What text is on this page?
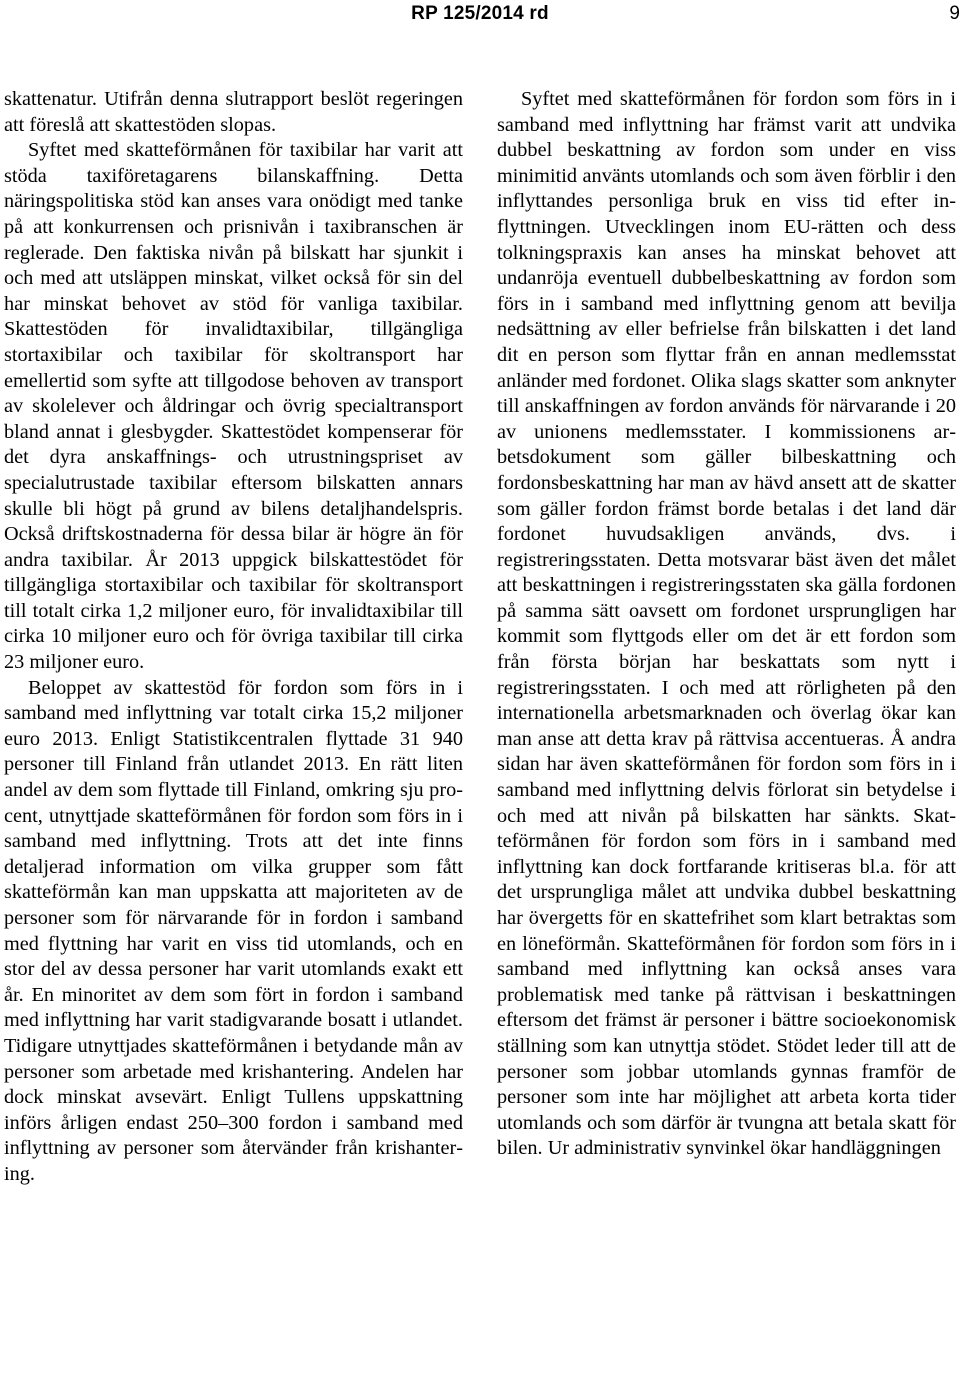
RP 125/2014 rd	9

skattenatur. Utifrån denna slutrapport beslöt regeringen att föreslå att skattestöden slopas.

Syftet med skatteförmånen för taxibilar har varit att stöda taxiföretagarens bilanskaffning. Detta näringspolitiska stöd kan anses vara onödigt med tanke på att konkurrensen och prisnivån i taxibranschen är reglerade. Den faktiska nivån på bilskatt har sjunkit i och med att utsläppen minskat, vilket också för sin del har minskat behovet av stöd för vanliga taxibilar. Skattestöden för invalidtaxibilar, tillgängliga stortaxibilar och taxibilar för skoltransport har emellertid som syfte att tillgodose behoven av transport av skolelever och åldringar och övrig specialtransport bland annat i glesbygder. Skattestödet kompenserar för det dyra anskaffnings- och utrustningspriset av specialutrustade taxibilar eftersom bilskatten annars skulle bli högt på grund av bilens detaljhandelspris. Också driftskostnaderna för dessa bilar är högre än för andra taxibilar. År 2013 uppgick bilskattestödet för tillgängliga stortaxibilar och taxibilar för skoltransport till totalt cirka 1,2 miljoner euro, för invalidtaxibilar till cirka 10 miljoner euro och för övriga taxibilar till cirka 23 miljoner euro.

Beloppet av skattestöd för fordon som förs in i samband med inflyttning var totalt cirka 15,2 miljoner euro 2013. Enligt Statistikcentralen flyttade 31 940 personer till Finland från utlandet 2013. En rätt liten andel av dem som flyttade till Finland, omkring sju procent, utnyttjade skatteförmånen för fordon som förs in i samband med inflyttning. Trots att det inte finns detaljerad information om vilka grupper som fått skatteförmån kan man uppskatta att majoriteten av de personer som för närvarande för in fordon i samband med flyttning har varit en viss tid utomlands, och en stor del av dessa personer har varit utomlands exakt ett år. En minoritet av dem som fört in fordon i samband med inflyttning har varit stadigvarande bosatt i utlandet. Tidigare utnyttjades skatteförmånen i betydande mån av personer som arbetade med krishantering. Andelen har dock minskat avsevärt. Enligt Tullens uppskattning införs årligen endast 250–300 fordon i samband med inflyttning av personer som återvänder från krishantering.

Syftet med skatteförmånen för fordon som förs in i samband med inflyttning har främst varit att undvika dubbel beskattning av fordon som under en viss minimitid använts utomlands och som även förblir i den inflyttandes personliga bruk en viss tid efter inflyttningen. Utvecklingen inom EU-rätten och dess tolkningspraxis kan anses ha minskat behovet att undanröja eventuell dubbelbeskattning av fordon som förs in i samband med inflyttning genom att bevilja nedsättning av eller befrielse från bilskatten i det land dit en person som flyttar från en annan medlemsstat anländer med fordonet. Olika slags skatter som anknyter till anskaffningen av fordon används för närvarande i 20 av unionens medlemsstater. I kommissionens arbetsdokument som gäller bilbeskattning och fordonsbeskattning har man av hävd ansett att de skatter som gäller fordon främst borde betalas i det land där fordonet huvudsakligen används, dvs. i registreringsstaten. Detta motsvarar bäst även det målet att beskattningen i registreringsstaten ska gälla fordonen på samma sätt oavsett om fordonet ursprungligen har kommit som flyttgods eller om det är ett fordon som från första början har beskattats som nytt i registreringsstaten. I och med att rörligheten på den internationella arbetsmarknaden och överlag ökar kan man anse att detta krav på rättvisa accentueras. Å andra sidan har även skatteförmånen för fordon som förs in i samband med inflyttning delvis förlorat sin betydelse i och med att nivån på bilskatten har sänkts. Skatteförmånen för fordon som förs in i samband med inflyttning kan dock fortfarande kritiseras bl.a. för att det ursprungliga målet att undvika dubbel beskattning har övergetts för en skattefrihet som klart betraktas som en löneförmån. Skatteförmånen för fordon som förs in i samband med inflyttning kan också anses vara problematisk med tanke på rättvisan i beskattningen eftersom det främst är personer i bättre socioekonomisk ställning som kan utnyttja stödet. Stödet leder till att de personer som jobbar utomlands gynnas framför de personer som inte har möjlighet att arbeta korta tider utomlands och som därför är tvungna att betala skatt för bilen. Ur administrativ synvinkel ökar handläggningen
